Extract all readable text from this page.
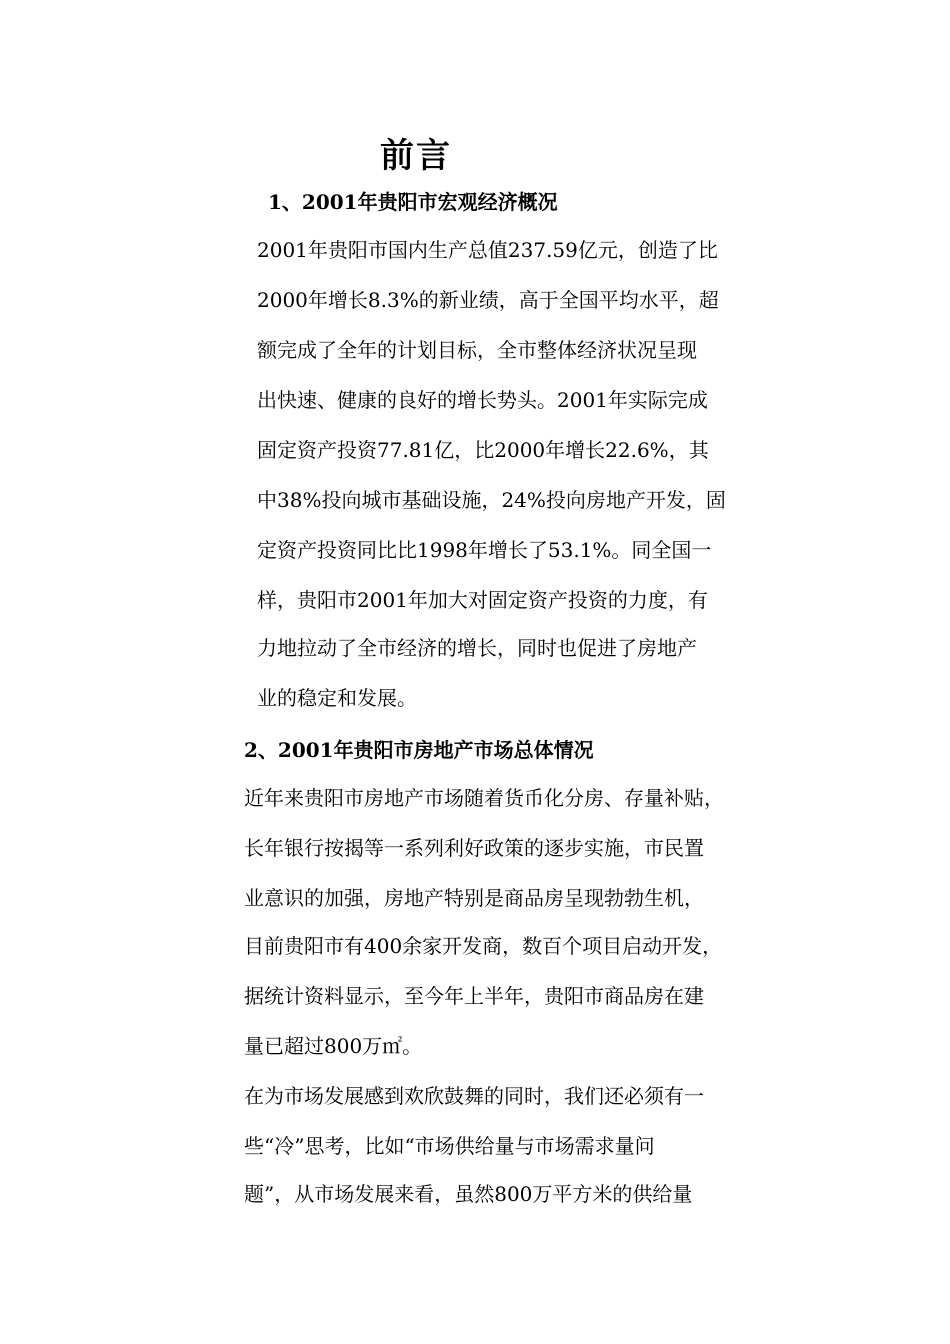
前言
1、2001年贵阳市宏观经济概况

2001年贵阳市国内生产总值237.59亿元，创造了比

2000年增长8.3%的新业绩，高于全国平均水平，超

额完成了全年的计划目标，全市整体经济状况呈现

出快速、健康的良好的增长势头。2001年实际完成

固定资产投资77.81亿，比2000年增长22.6%，其

中38%投向城市基础设施，24%投向房地产开发，固

定资产投资同比比1998年增长了53.1%。同全国一

样，贵阳市2001年加大对固定资产投资的力度，有

力地拉动了全市经济的增长，同时也促进了房地产

业的稳定和发展。

2、2001年贵阳市房地产市场总体情况

近年来贵阳市房地产市场随着货币化分房、存量补贴，

长年银行按揭等一系列利好政策的逐步实施，市民置

业意识的加强，房地产特别是商品房呈现勃勃生机，

目前贵阳市有400余家开发商，数百个项目启动开发，

据统计资料显示，至今年上半年，贵阳市商品房在建

量已超过800万㎡。

在为市场发展感到欢欣鼓舞的同时，我们还必须有一

些“冷”思考，比如“市场供给量与市场需求量问

题”，从市场发展来看，虽然800万平方米的供给量
